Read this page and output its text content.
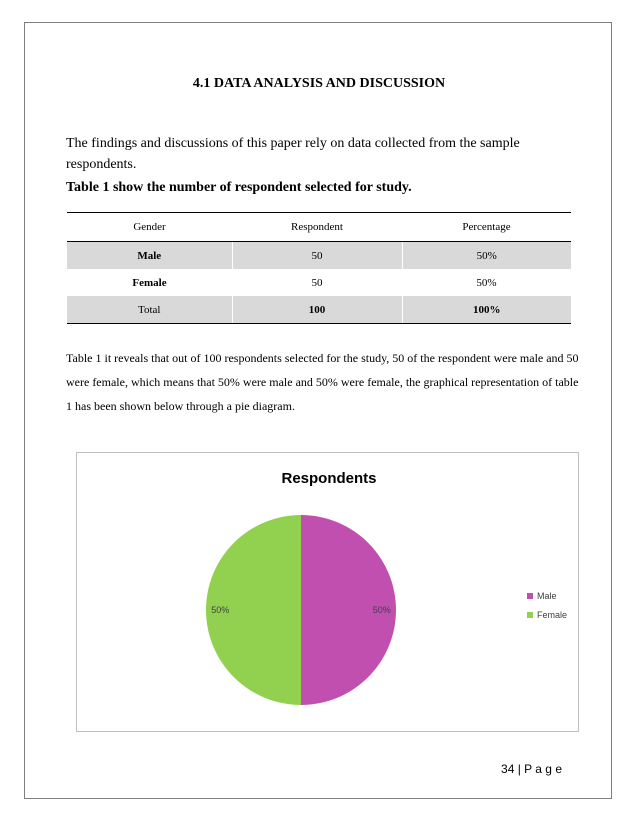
4.1 DATA ANALYSIS AND DISCUSSION
The findings and discussions of this paper rely on data collected from the sample respondents.
Table 1 show the number of respondent selected for study.
Gender	Respondent	Percentage
Male	50	50%
Female	50	50%
Total	100	100%
Table 1 it reveals that out of 100 respondents selected for the study, 50 of the respondent were male and 50 were female, which means that 50% were male and 50% were female, the graphical representation of table 1 has been shown below through a pie diagram.
Respondents
50%
50%
Male
Female
34 | P a g e
